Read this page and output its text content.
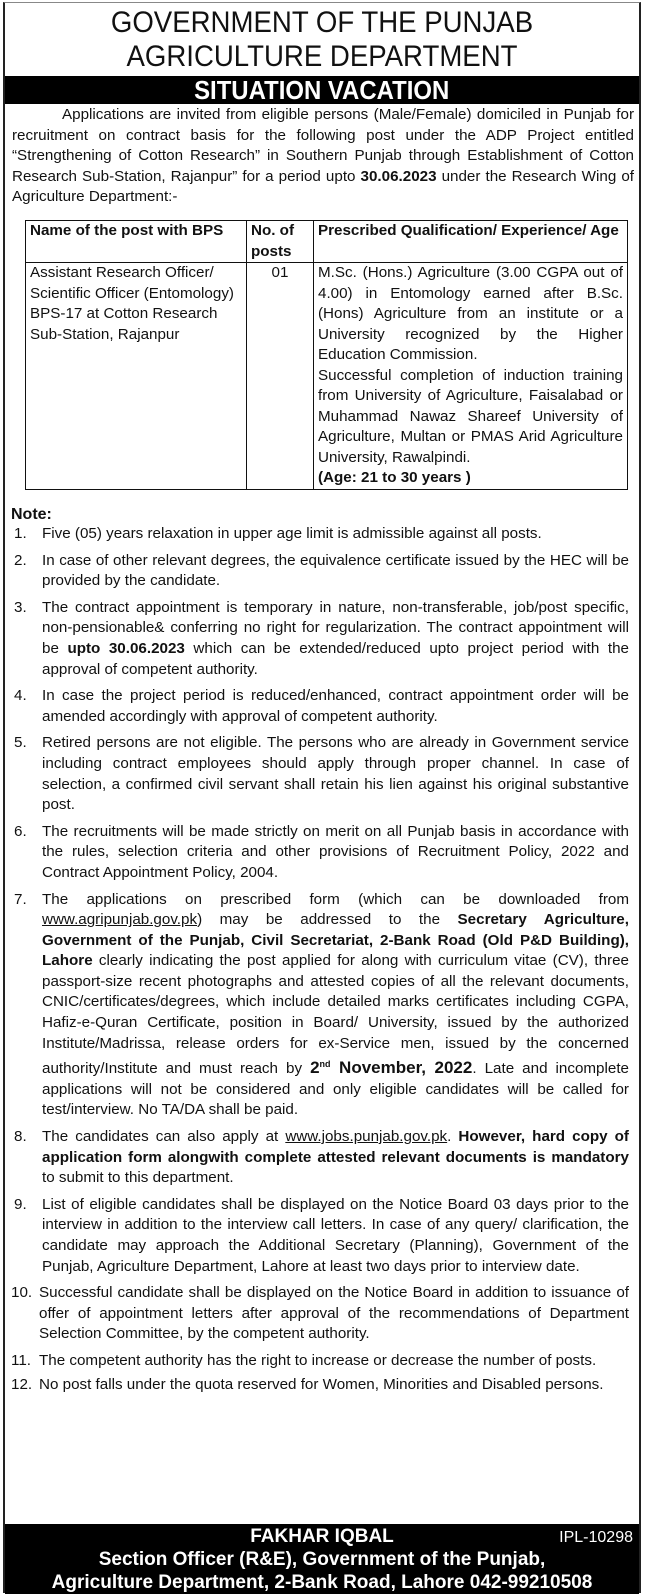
GOVERNMENT OF THE PUNJAB
AGRICULTURE DEPARTMENT
SITUATION VACATION
Applications are invited from eligible persons (Male/Female) domiciled in Punjab for recruitment on contract basis for the following post under the ADP Project entitled “Strengthening of Cotton Research” in Southern Punjab through Establishment of Cotton Research Sub-Station, Rajanpur” for a period upto 30.06.2023 under the Research Wing of Agriculture Department:-
Name of the post with BPS	No. of posts	Prescribed Qualification/ Experience/ Age
Assistant Research Officer/ Scientific Officer (Entomology) BPS-17 at Cotton Research Sub-Station, Rajanpur	01	M.Sc. (Hons.) Agriculture (3.00 CGPA out of 4.00) in Entomology earned after B.Sc. (Hons) Agriculture from an institute or a University recognized by the Higher Education Commission.
Successful completion of induction training from University of Agriculture, Faisalabad or Muhammad Nawaz Shareef University of Agriculture, Multan or PMAS Arid Agriculture University, Rawalpindi.
(Age: 21 to 30 years )
Note:
1. Five (05) years relaxation in upper age limit is admissible against all posts.
2. In case of other relevant degrees, the equivalence certificate issued by the HEC will be provided by the candidate.
3. The contract appointment is temporary in nature, non-transferable, job/post specific, non-pensionable& conferring no right for regularization. The contract appointment will be upto 30.06.2023 which can be extended/reduced upto project period with the approval of competent authority.
4. In case the project period is reduced/enhanced, contract appointment order will be amended accordingly with approval of competent authority.
5. Retired persons are not eligible. The persons who are already in Government service including contract employees should apply through proper channel. In case of selection, a confirmed civil servant shall retain his lien against his original substantive post.
6. The recruitments will be made strictly on merit on all Punjab basis in accordance with the rules, selection criteria and other provisions of Recruitment Policy, 2022 and Contract Appointment Policy, 2004.
7. The applications on prescribed form (which can be downloaded from www.agripunjab.gov.pk) may be addressed to the Secretary Agriculture, Government of the Punjab, Civil Secretariat, 2-Bank Road (Old P&D Building), Lahore clearly indicating the post applied for along with curriculum vitae (CV), three passport-size recent photographs and attested copies of all the relevant documents, CNIC/certificates/degrees, which include detailed marks certificates including CGPA, Hafiz-e-Quran Certificate, position in Board/ University, issued by the authorized Institute/Madrissa, release orders for ex-Service men, issued by the concerned authority/Institute and must reach by 2nd November, 2022. Late and incomplete applications will not be considered and only eligible candidates will be called for test/interview. No TA/DA shall be paid.
8. The candidates can also apply at www.jobs.punjab.gov.pk. However, hard copy of application form alongwith complete attested relevant documents is mandatory to submit to this department.
9. List of eligible candidates shall be displayed on the Notice Board 03 days prior to the interview in addition to the interview call letters. In case of any query/ clarification, the candidate may approach the Additional Secretary (Planning), Government of the Punjab, Agriculture Department, Lahore at least two days prior to interview date.
10. Successful candidate shall be displayed on the Notice Board in addition to issuance of offer of appointment letters after approval of the recommendations of Department Selection Committee, by the competent authority.
11. The competent authority has the right to increase or decrease the number of posts.
12. No post falls under the quota reserved for Women, Minorities and Disabled persons.
FAKHAR IQBAL	IPL-10298
Section Officer (R&E), Government of the Punjab,
Agriculture Department, 2-Bank Road, Lahore 042-99210508
